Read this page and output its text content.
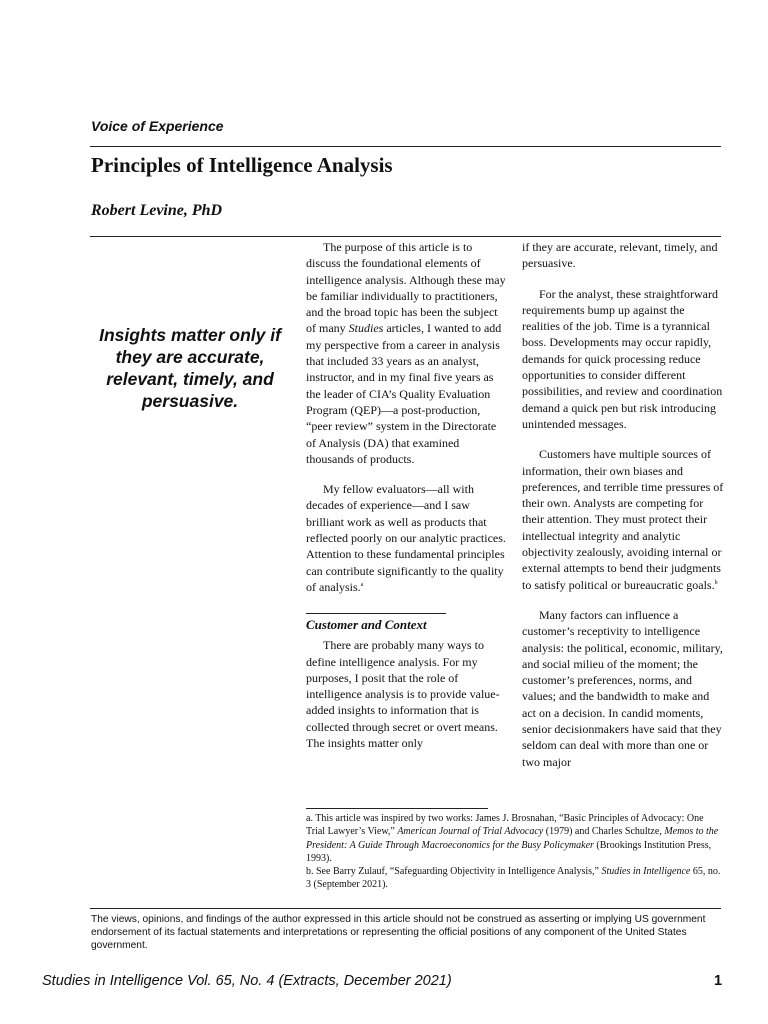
Voice of Experience
Principles of Intelligence Analysis
Robert Levine, PhD
Insights matter only if they are accurate, relevant, timely, and persuasive.

The purpose of this article is to discuss the foundational elements of intelligence analysis. Although these may be familiar individually to practitioners, and the broad topic has been the subject of many Studies articles, I wanted to add my perspective from a career in analysis that included 33 years as an analyst, instructor, and in my final five years as the leader of CIA’s Quality Evaluation Program (QEP)—a post-production, “peer review” system in the Directorate of Analysis (DA) that examined thousands of products.

My fellow evaluators—all with decades of experience—and I saw brilliant work as well as products that reflected poorly on our analytic practices. Attention to these fundamental principles can contribute significantly to the quality of analysis.$^a$

Customer and Context

There are probably many ways to define intelligence analysis. For my purposes, I posit that the role of intelligence analysis is to provide value-added insights to information that is collected through secret or overt means. The insights matter only

if they are accurate, relevant, timely, and persuasive.

For the analyst, these straightforward requirements bump up against the realities of the job. Time is a tyrannical boss. Developments may occur rapidly, demands for quick processing reduce opportunities to consider different possibilities, and review and coordination demand a quick pen but risk introducing unintended messages.

Customers have multiple sources of information, their own biases and preferences, and terrible time pressures of their own. Analysts are competing for their attention. They must protect their intellectual integrity and analytic objectivity zealously, avoiding internal or external attempts to bend their judgments to satisfy political or bureaucratic goals.$^b$

Many factors can influence a customer’s receptivity to intelligence analysis: the political, economic, military, and social milieu of the moment; the customer’s preferences, norms, and values; and the bandwidth to make and act on a decision. In candid moments, senior decisionmakers have said that they seldom can deal with more than one or two major

a. This article was inspired by two works: James J. Brosnahan, “Basic Principles of Advocacy: One Trial Lawyer’s View,” American Journal of Trial Advocacy (1979) and Charles Schultze, Memos to the President: A Guide Through Macroeconomics for the Busy Policymaker (Brookings Institution Press, 1993).

b. See Barry Zulauf, “Safeguarding Objectivity in Intelligence Analysis,” Studies in Intelligence 65, no. 3 (September 2021).

The views, opinions, and findings of the author expressed in this article should not be construed as asserting or implying US government endorsement of its factual statements and interpretations or representing the official positions of any component of the United States government.
Studies in Intelligence Vol. 65, No. 4 (Extracts, December 2021)	1
